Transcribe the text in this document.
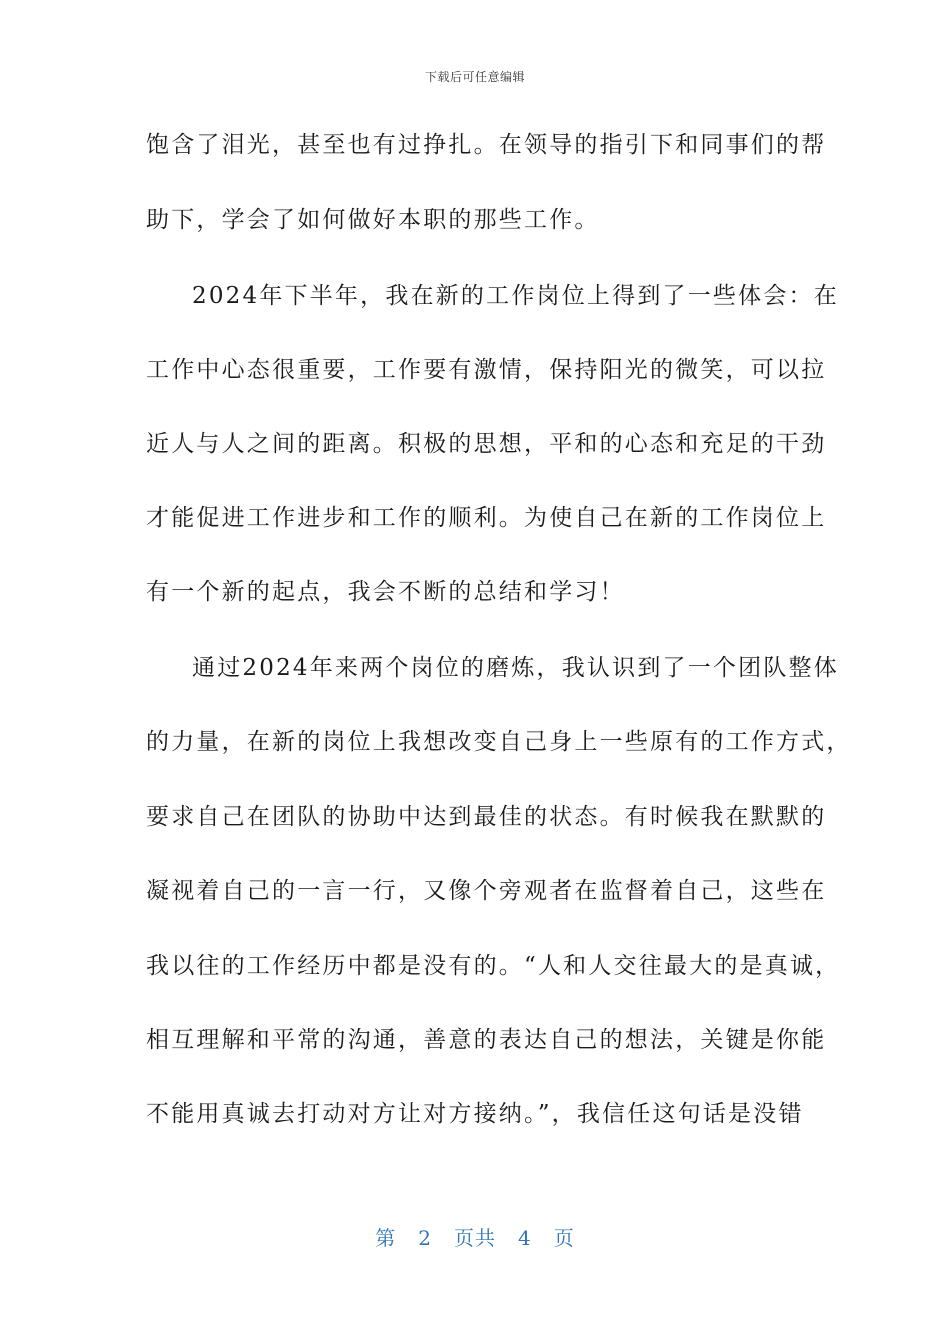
下载后可任意编辑
饱含了泪光，甚至也有过挣扎。在领导的指引下和同事们的帮
助下，学会了如何做好本职的那些工作。
2024年下半年，我在新的工作岗位上得到了一些体会：在
工作中心态很重要，工作要有激情，保持阳光的微笑，可以拉
近人与人之间的距离。积极的思想，平和的心态和充足的干劲
才能促进工作进步和工作的顺利。为使自己在新的工作岗位上
有一个新的起点，我会不断的总结和学习！
通过2024年来两个岗位的磨炼，我认识到了一个团队整体
的力量，在新的岗位上我想改变自己身上一些原有的工作方式，
要求自己在团队的协助中达到最佳的状态。有时候我在默默的
凝视着自己的一言一行，又像个旁观者在监督着自己，这些在
我以往的工作经历中都是没有的。“人和人交往最大的是真诚，
相互理解和平常的沟通，善意的表达自己的想法，关键是你能
不能用真诚去打动对方让对方接纳。”，我信任这句话是没错
第 2 页共 4 页
